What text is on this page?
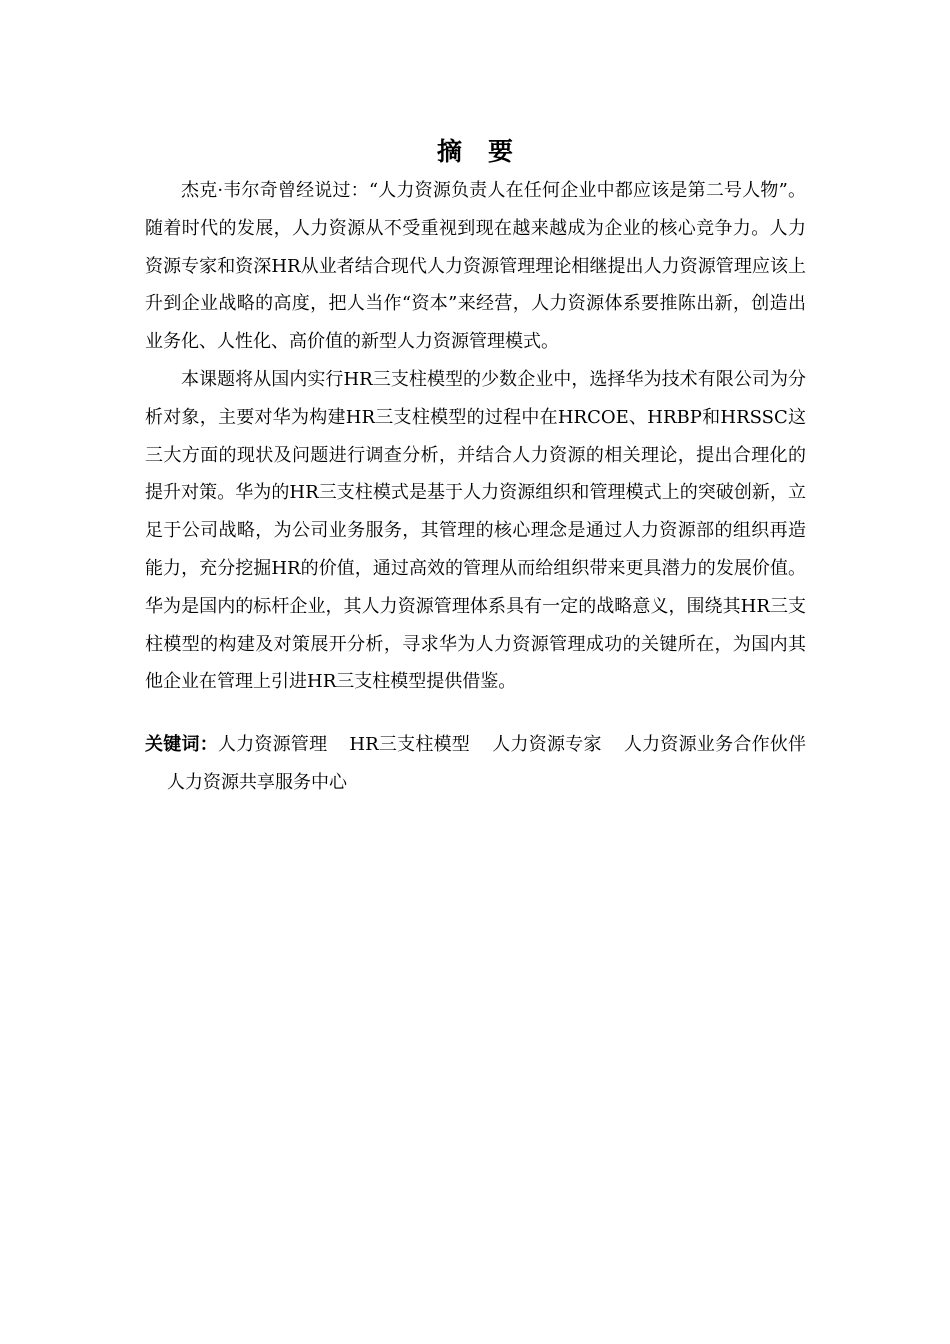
摘要

杰克·韦尔奇曾经说过：“人力资源负责人在任何企业中都应该是第二号人物”。随着时代的发展，人力资源从不受重视到现在越来越成为企业的核心竞争力。人力资源专家和资深HR从业者结合现代人力资源管理理论相继提出人力资源管理应该上升到企业战略的高度，把人当作“资本”来经营，人力资源体系要推陈出新，创造出业务化、人性化、高价值的新型人力资源管理模式。

本课题将从国内实行HR三支柱模型的少数企业中，选择华为技术有限公司为分析对象，主要对华为构建HR三支柱模型的过程中在HRCOE、HRBP和HRSSC这三大方面的现状及问题进行调查分析，并结合人力资源的相关理论，提出合理化的提升对策。华为的HR三支柱模式是基于人力资源组织和管理模式上的突破创新，立足于公司战略，为公司业务服务，其管理的核心理念是通过人力资源部的组织再造能力，充分挖掘HR的价值，通过高效的管理从而给组织带来更具潜力的发展价值。华为是国内的标杆企业，其人力资源管理体系具有一定的战略意义，围绕其HR三支柱模型的构建及对策展开分析，寻求华为人力资源管理成功的关键所在，为国内其他企业在管理上引进HR三支柱模型提供借鉴。

关键词：人力资源管理 HR三支柱模型 人力资源专家 人力资源业务合作伙伴人力资源共享服务中心
